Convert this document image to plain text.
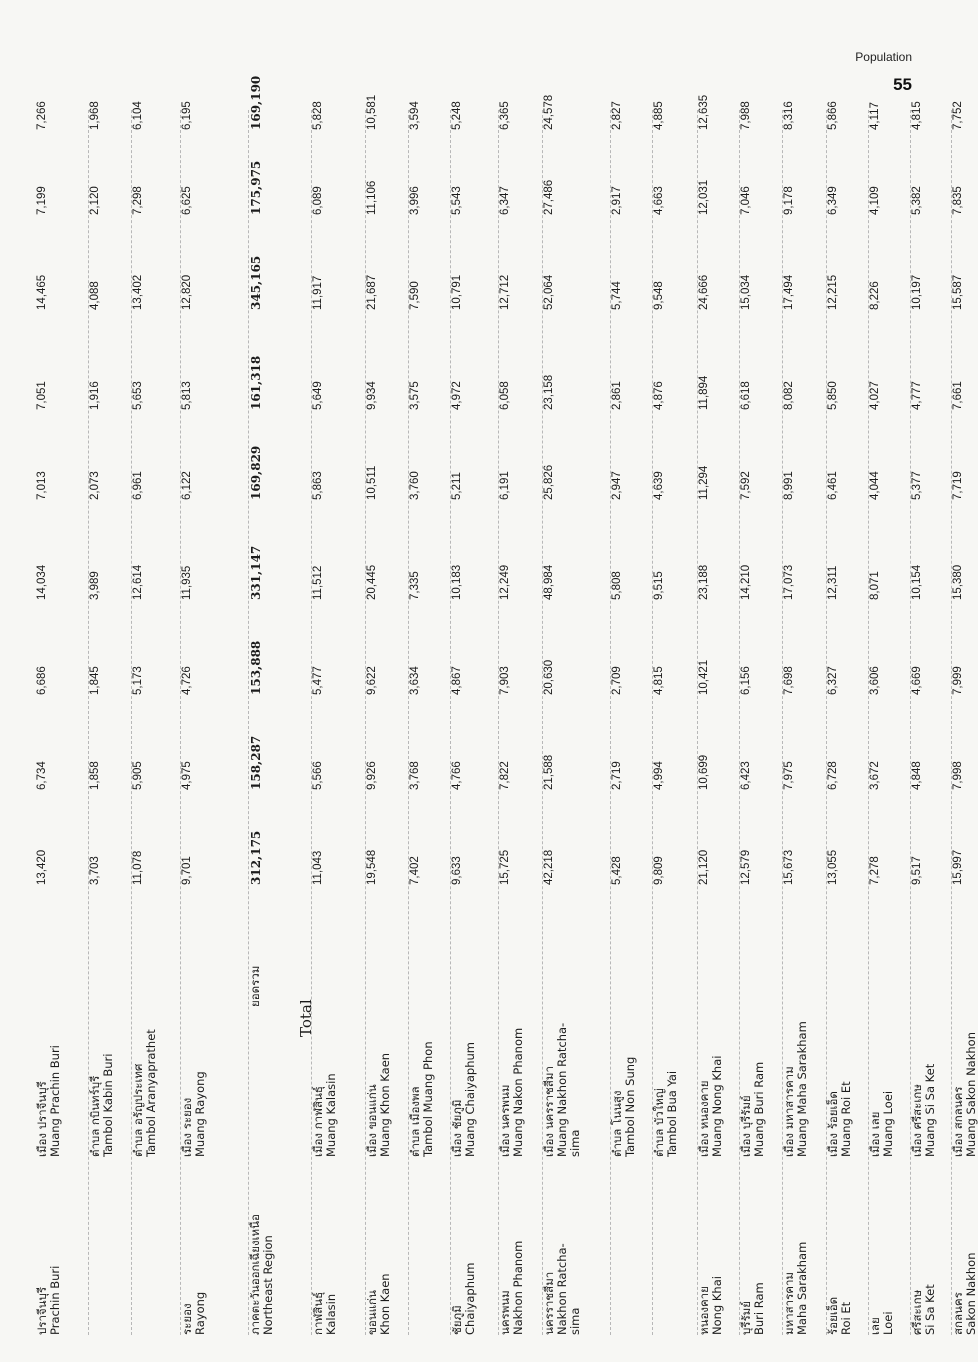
Population
55
ปราจีนบุรี Prachin Buri
เมือง ปราจีนบุรี Muang Prachin Buri
13,420
6,734
6,686
14,034
7,013
7,051
14,465
7,199
7,266
ตำบล กบินทร์บุรี Tambol Kabin Buri
3,703
1,858
1,845
3,989
2,073
1,916
4,088
2,120
1,968
ตำบล อรัญประเทศ Tambol Aranyaprathet
11,078
5,905
5,173
12,614
6,961
5,653
13,402
7,298
6,104
ระยอง Rayong
เมือง ระยอง Muang Rayong
9,701
4,975
4,726
11,935
6,122
5,813
12,820
6,625
6,195
ภาคตะวันออกเฉียงเหนือ Northeast Region
ยอดรวม
Total
312,175
158,287
153,888
331,147
169,829
161,318
345,165
175,975
169,190
กาฬสินธุ์ Kalasin
เมือง กาฬสินธุ์ Muang Kalasin
11,043
5,566
5,477
11,512
5,863
5,649
11,917
6,089
5,828
ขอนแก่น Khon Kaen
เมือง ขอนแก่น Muang Khon Kaen
19,548
9,926
9,622
20,445
10,511
9,934
21,687
11,106
10,581
ตำบล เมืองพล Tambol Muang Phon
7,402
3,768
3,634
7,335
3,760
3,575
7,590
3,996
3,594
ชัยภูมิ Chaiyaphum
เมือง ชัยภูมิ Muang Chaiyaphum
9,633
4,766
4,867
10,183
5,211
4,972
10,791
5,543
5,248
นครพนม Nakhon Phanom
เมือง นครพนม Muang Nakon Phanom
15,725
7,822
7,903
12,249
6,191
6,058
12,712
6,347
6,365
นครราชสีมา Nakhon Ratcha- sima
เมือง นครราชสีมา Muang Nakhon Ratcha- sima
42,218
21,588
20,630
48,984
25,826
23,158
52,064
27,486
24,578
ตำบล โนนสูง Tambol Non Sung
5,428
2,719
2,709
5,808
2,947
2,861
5,744
2,917
2,827
ตำบล บัวใหญ่ Tambol Bua Yai
9,809
4,994
4,815
9,515
4,639
4,876
9,548
4,663
4,885
หนองคาย Nong Khai
เมือง หนองคาย Muang Nong Khai
21,120
10,699
10,421
23,188
11,294
11,894
24,666
12,031
12,635
บุรีรัมย์ Buri Ram
เมือง บุรีรัมย์ Muang Buri Ram
12,579
6,423
6,156
14,210
7,592
6,618
15,034
7,046
7,988
มหาสารคาม Maha Sarakham
เมือง มหาสารคาม Muang Maha Sarakham
15,673
7,975
7,698
17,073
8,991
8,082
17,494
9,178
8,316
ร้อยเอ็ด Roi Et
เมือง ร้อยเอ็ด Muang Roi Et
13,055
6,728
6,327
12,311
6,461
5,850
12,215
6,349
5,866
เลย Loei
เมือง เลย Muang Loei
7,278
3,672
3,606
8,071
4,044
4,027
8,226
4,109
4,117
ศรีสะเกษ Si Sa Ket
เมือง ศรีสะเกษ Muang Si Sa Ket
9,517
4,848
4,669
10,154
5,377
4,777
10,197
5,382
4,815
สกลนคร Sakon Nakhon
เมือง สกลนคร Muang Sakon Nakhon
15,997
7,998
7,999
15,380
7,719
7,661
15,587
7,835
7,752
